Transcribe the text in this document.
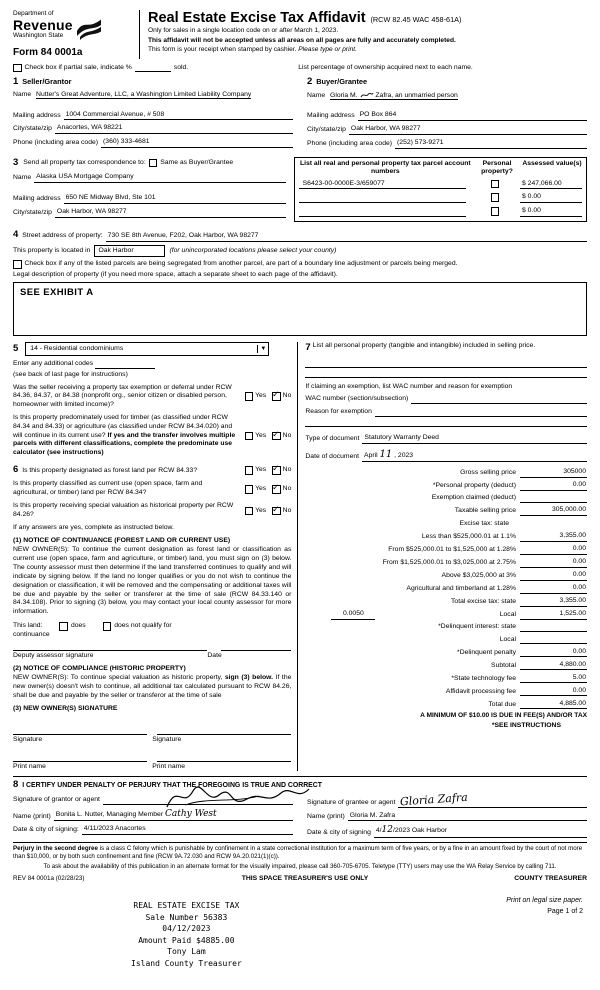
Department of
Revenue
Washington State
Form 84 0001a
Real Estate Excise Tax Affidavit (RCW 82.45 WAC 458-61A)
Only for sales in a single location code on or after March 1, 2023.
This affidavit will not be accepted unless all areas on all pages are fully and accurately completed.
This form is your receipt when stamped by cashier. Please type or print.
Check box if partial sale, indicate %	sold.	List percentage of ownership acquired next to each name.
1 Seller/Grantor
Name Nutter's Great Adventure, LLC, a Washington Limited Liability Company
Mailing address 1004 Commercial Avenue, # 508
City/state/zip Anacortes, WA 98221
Phone (including area code) (360) 333-4681
2 Buyer/Grantee
Name Gloria M.	Zafra, an unmarried person
Mailing address PO Box 864
City/state/zip Oak Harbor, WA 98277
Phone (including area code) (252) 573-9271
3 Send all property tax correspondence to: Same as Buyer/Grantee
Name Alaska USA Mortgage Company
Mailing address 650 NE Midway Blvd, Ste 101
City/state/zip Oak Harbor, WA 98277
List all real and personal property tax parcel account numbers
Personal property?
Assessed value(s)
S6423-00-0000E-3/659077	$ 247,066.00
$ 0.00
$ 0.00
4 Street address of property: 730 SE 8th Avenue, F202, Oak Harbor, WA 98277
This property is located in	Oak Harbor	(for unincorporated locations please select your county)
Check box if any of the listed parcels are being segregated from another parcel, are part of a boundary line adjustment or parcels being merged.
Legal description of property (if you need more space, attach a separate sheet to each page of the affidavit).
SEE EXHIBIT A
5 14 - Residential condominiums	▼
Enter any additional codes
(see back of last page for instructions)
Was the seller receiving a property tax exemption or deferral under RCW 84.36, 84.37, or 84.38 (nonprofit org., senior citizen or disabled person, homeowner with limited income)?
Yes ✓ No
Is this property predominately used for timber (as classified under RCW 84.34 and 84.33) or agriculture (as classified under RCW 84.34.020) and will continue in its current use? If yes and the transfer involves multiple parcels with different classifications, complete the predominate use calculator (see instructions)
Yes ✓ No
6 Is this property designated as forest land per RCW 84.33?	Yes ✓ No
Is this property classified as current use (open space, farm and agricultural, or timber) land per RCW 84.34?
Yes ✓ No
Is this property receiving special valuation as historical property per RCW 84.26?
Yes ✓ No
If any answers are yes, complete as instructed below.
(1) NOTICE OF CONTINUANCE (FOREST LAND OR CURRENT USE)
NEW OWNER(S): To continue the current designation as forest land or classification as current use (open space, farm and agriculture, or timber) land, you must sign on (3) below. The county assessor must then determine if the land transferred continues to qualify and will indicate by signing below. If the land no longer qualifies or you do not wish to continue the designation or classification, it will be removed and the compensating or additional taxes will be due and payable by the seller or transferer at the time of sale (RCW 84.33.140 or 84.34.108). Prior to signing (3) below, you may contact your local county assessor for more information.
This land:	does	does not qualify for
continuance
Deputy assessor signature	Date
(2) NOTICE OF COMPLIANCE (HISTORIC PROPERTY)
NEW OWNER(S): To continue special valuation as historic property, sign (3) below. If the new owner(s) doesn't wish to continue, all additional tax calculated pursuant to RCW 84.26, shall be due and payable by the seller or transferor at the time of sale
(3) NEW OWNER(S) SIGNATURE
Signature	Signature
Print name	Print name
7 List all personal property (tangible and intangible) included in selling price.
If claiming an exemption, list WAC number and reason for exemption
WAC number (section/subsection)
Reason for exemption
Type of document Statutory Warranty Deed
Date of document April 11 , 2023
Gross selling price	305000
*Personal property (deduct)	0.00
Exemption claimed (deduct)
Taxable selling price	305,000.00
Excise tax: state
Less than $525,000.01 at 1.1%	3,355.00
From $525,000.01 to $1,525,000 at 1.28%	0.00
From $1,525,000.01 to $3,025,000 at 2.75%	0.00
Above $3,025,000 at 3%	0.00
Agricultural and timberland at 1.28%	0.00
Total excise tax: state	3,355.00
0.0050	Local	1,525.00
*Delinquent interest: state
Local
*Delinquent penalty	0.00
Subtotal	4,880.00
*State technology fee	5.00
Affidavit processing fee	0.00
Total due	4,885.00
A MINIMUM OF $10.00 IS DUE IN FEE(S) AND/OR TAX
*SEE INSTRUCTIONS
8 I CERTIFY UNDER PENALTY OF PERJURY THAT THE FOREGOING IS TRUE AND CORRECT
Signature of grantor or agent
Name (print) Bonita L. Nutter, Managing Member Cathy West
Date & city of signing: 4/11/2023 Anacortes
Signature of grantee or agent Gloria Zafra
Name (print) Gloria M. Zafra
Date & city of signing 4/12/2023 Oak Harbor
Perjury in the second degree is a class C felony which is punishable by confinement in a state correctional institution for a maximum term of five years, or by a fine in an amount fixed by the court of not more than $10,000, or by both such confinement and fine (RCW 9A.72.030 and RCW 9A.20.021(1)(c)).
To ask about the availability of this publication in an alternate format for the visually impaired, please call 360-705-6705. Teletype (TTY) users may use the WA Relay Service by calling 711.
REV 84 0001a (02/28/23)	THIS SPACE TREASURER'S USE ONLY	COUNTY TREASURER
REAL ESTATE EXCISE TAX
Sale Number 56383
04/12/2023
Amount Paid $4885.00
Tony Lam
Island County Treasurer
Print on legal size paper.
Page 1 of 2
